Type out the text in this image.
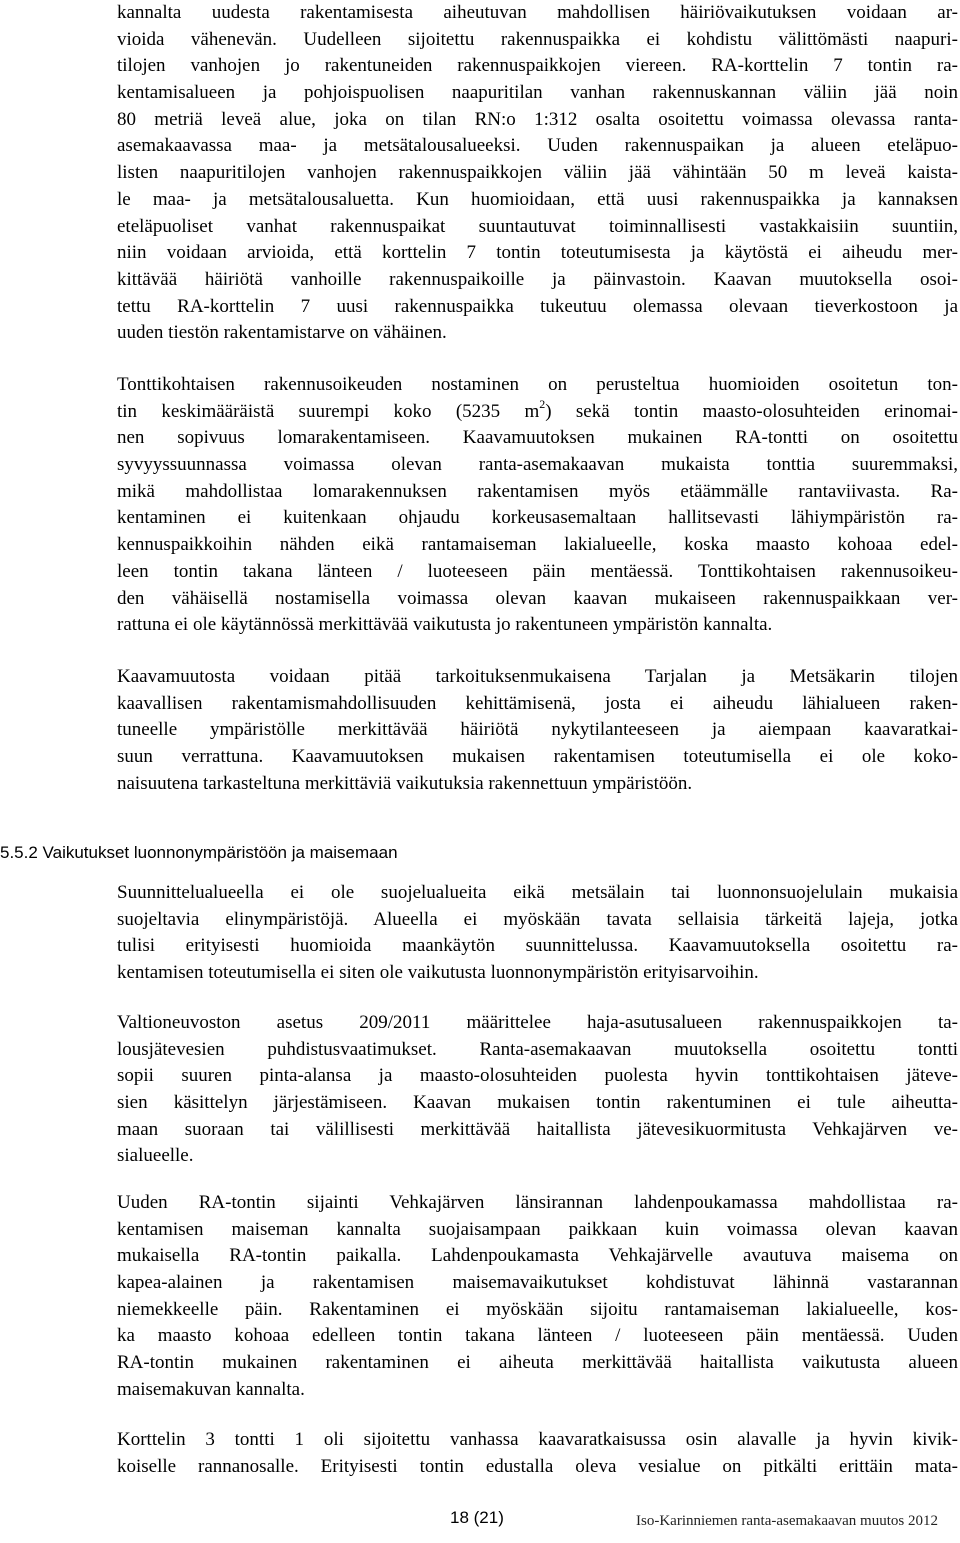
kannalta uudesta rakentamisesta aiheutuvan mahdollisen häiriövaikutuksen voidaan ar-
vioida vähenevän. Uudelleen sijoitettu rakennuspaikka ei kohdistu välittömästi naapuri-
tilojen vanhojen jo rakentuneiden rakennuspaikkojen viereen. RA-korttelin 7 tontin ra-
kentamisalueen ja pohjoispuolisen naapuritilan vanhan rakennuskannan väliin jää noin
80 metriä leveä alue, joka on tilan RN:o 1:312 osalta osoitettu voimassa olevassa ranta-
asemakaavassa maa- ja metsätalousalueeksi. Uuden rakennuspaikan ja alueen eteläpuo-
listen naapuritilojen vanhojen rakennuspaikkojen väliin jää vähintään 50 m leveä kaista-
le maa- ja metsätalousaluetta. Kun huomioidaan, että uusi rakennuspaikka ja kannaksen
eteläpuoliset vanhat rakennuspaikat suuntautuvat toiminnallisesti vastakkaisiin suuntiin,
niin voidaan arvioida, että korttelin 7 tontin toteutumisesta ja käytöstä ei aiheudu mer-
kittävää häiriötä vanhoille rakennuspaikoille ja päinvastoin. Kaavan muutoksella osoi-
tettu RA-korttelin 7 uusi rakennuspaikka tukeutuu olemassa olevaan tieverkostoon ja
uuden tiestön rakentamistarve on vähäinen.
Tonttikohtaisen rakennusoikeuden nostaminen on perusteltua huomioiden osoitetun ton-
tin keskimääräistä suurempi koko (5235 $m^2$) sekä tontin maasto-olosuhteiden erinomai-
nen sopivuus lomarakentamiseen. Kaavamuutoksen mukainen RA-tontti on osoitettu
syvyyssuunnassa voimassa olevan ranta-asemakaavan mukaista tonttia suuremmaksi,
mikä mahdollistaa lomarakennuksen rakentamisen myös etäämmälle rantaviivasta. Ra-
kentaminen ei kuitenkaan ohjaudu korkeusasemaltaan hallitsevasti lähiympäristön ra-
kennuspaikkoihin nähden eikä rantamaiseman lakialueelle, koska maasto kohoaa edel-
leen tontin takana länteen / luoteeseen päin mentäessä. Tonttikohtaisen rakennusoikeu-
den vähäisellä nostamisella voimassa olevan kaavan mukaiseen rakennuspaikkaan ver-
rattuna ei ole käytännössä merkittävää vaikutusta jo rakentuneen ympäristön kannalta.
Kaavamuutosta voidaan pitää tarkoituksenmukaisena Tarjalan ja Metsäkarin tilojen
kaavallisen rakentamismahdollisuuden kehittämisenä, josta ei aiheudu lähialueen raken-
tuneelle ympäristölle merkittävää häiriötä nykytilanteeseen ja aiempaan kaavaratkai-
suun verrattuna. Kaavamuutoksen mukaisen rakentamisen toteutumisella ei ole koko-
naisuutena tarkasteltuna merkittäviä vaikutuksia rakennettuun ympäristöön.
5.5.2 Vaikutukset luonnonympäristöön ja maisemaan
Suunnittelualueella ei ole suojelualueita eikä metsälain tai luonnonsuojelulain mukaisia
suojeltavia elinympäristöjä. Alueella ei myöskään tavata sellaisia tärkeitä lajeja, jotka
tulisi erityisesti huomioida maankäytön suunnittelussa. Kaavamuutoksella osoitettu ra-
kentamisen toteutumisella ei siten ole vaikutusta luonnonympäristön erityisarvoihin.
Valtioneuvoston asetus 209/2011 määrittelee haja-asutusalueen rakennuspaikkojen ta-
lousjätevesien puhdistusvaatimukset. Ranta-asemakaavan muutoksella osoitettu tontti
sopii suuren pinta-alansa ja maasto-olosuhteiden puolesta hyvin tonttikohtaisen jäteve-
sien käsittelyn järjestämiseen. Kaavan mukaisen tontin rakentuminen ei tule aiheutta-
maan suoraan tai välillisesti merkittävää haitallista jätevesikuormitusta Vehkajärven ve-
sialueelle.
Uuden RA-tontin sijainti Vehkajärven länsirannan lahdenpoukamassa mahdollistaa ra-
kentamisen maiseman kannalta suojaisampaan paikkaan kuin voimassa olevan kaavan
mukaisella RA-tontin paikalla. Lahdenpoukamasta Vehkajärvelle avautuva maisema on
kapea-alainen ja rakentamisen maisemavaikutukset kohdistuvat lähinnä vastarannan
niemekkeelle päin. Rakentaminen ei myöskään sijoitu rantamaiseman lakialueelle, kos-
ka maasto kohoaa edelleen tontin takana länteen / luoteeseen päin mentäessä. Uuden
RA-tontin mukainen rakentaminen ei aiheuta merkittävää haitallista vaikutusta alueen
maisemakuvan kannalta.
Korttelin 3 tontti 1 oli sijoitettu vanhassa kaavaratkaisussa osin alavalle ja hyvin kivik-
koiselle rannanosalle. Erityisesti tontin edustalla oleva vesialue on pitkälti erittäin mata-
18 (21)	Iso-Karinniemen ranta-asemakaavan muutos 2012
